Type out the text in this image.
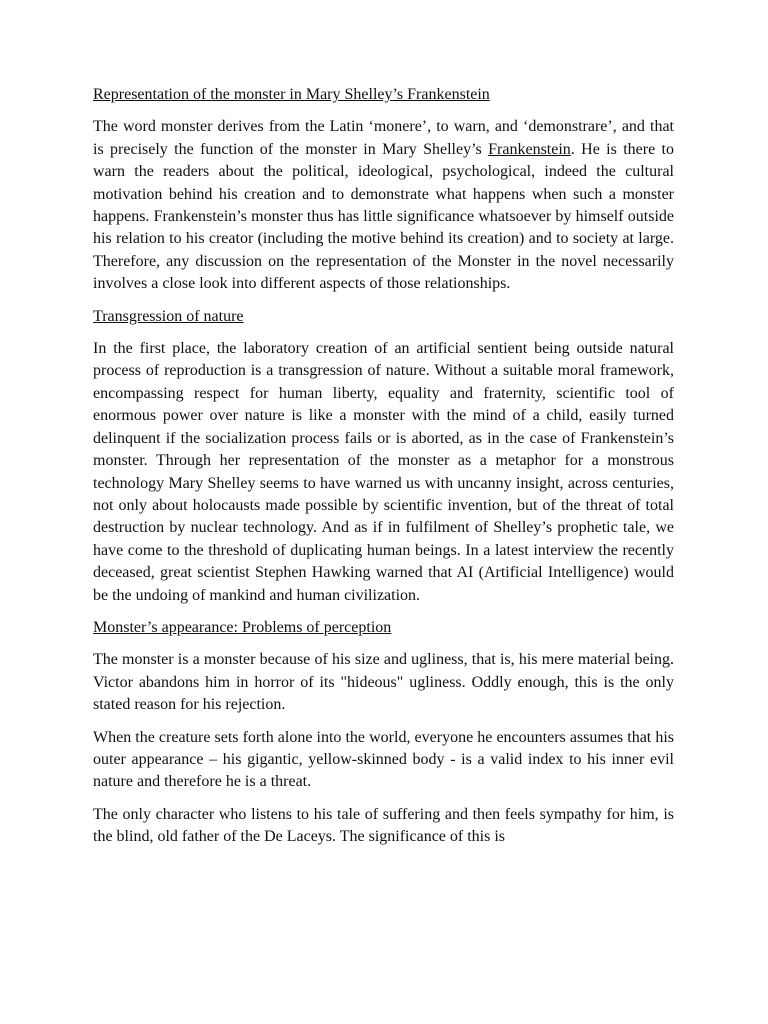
Representation of the monster in Mary Shelley’s Frankenstein

The word monster derives from the Latin ‘monere’, to warn, and ‘demonstrare’, and that is precisely the function of the monster in Mary Shelley’s Frankenstein. He is there to warn the readers about the political, ideological, psychological, indeed the cultural motivation behind his creation and to demonstrate what happens when such a monster happens. Frankenstein’s monster thus has little significance whatsoever by himself outside his relation to his creator (including the motive behind its creation) and to society at large. Therefore, any discussion on the representation of the Monster in the novel necessarily involves a close look into different aspects of those relationships.

Transgression of nature

In the first place, the laboratory creation of an artificial sentient being outside natural process of reproduction is a transgression of nature. Without a suitable moral framework, encompassing respect for human liberty, equality and fraternity, scientific tool of enormous power over nature is like a monster with the mind of a child, easily turned delinquent if the socialization process fails or is aborted, as in the case of Frankenstein’s monster. Through her representation of the monster as a metaphor for a monstrous technology Mary Shelley seems to have warned us with uncanny insight, across centuries, not only about holocausts made possible by scientific invention, but of the threat of total destruction by nuclear technology. And as if in fulfilment of Shelley’s prophetic tale, we have come to the threshold of duplicating human beings. In a latest interview the recently deceased, great scientist Stephen Hawking warned that AI (Artificial Intelligence) would be the undoing of mankind and human civilization.

Monster’s appearance: Problems of perception

The monster is a monster because of his size and ugliness, that is, his mere material being. Victor abandons him in horror of its "hideous" ugliness. Oddly enough, this is the only stated reason for his rejection.

When the creature sets forth alone into the world, everyone he encounters assumes that his outer appearance – his gigantic, yellow-skinned body - is a valid index to his inner evil nature and therefore he is a threat.

The only character who listens to his tale of suffering and then feels sympathy for him, is the blind, old father of the De Laceys. The significance of this is
